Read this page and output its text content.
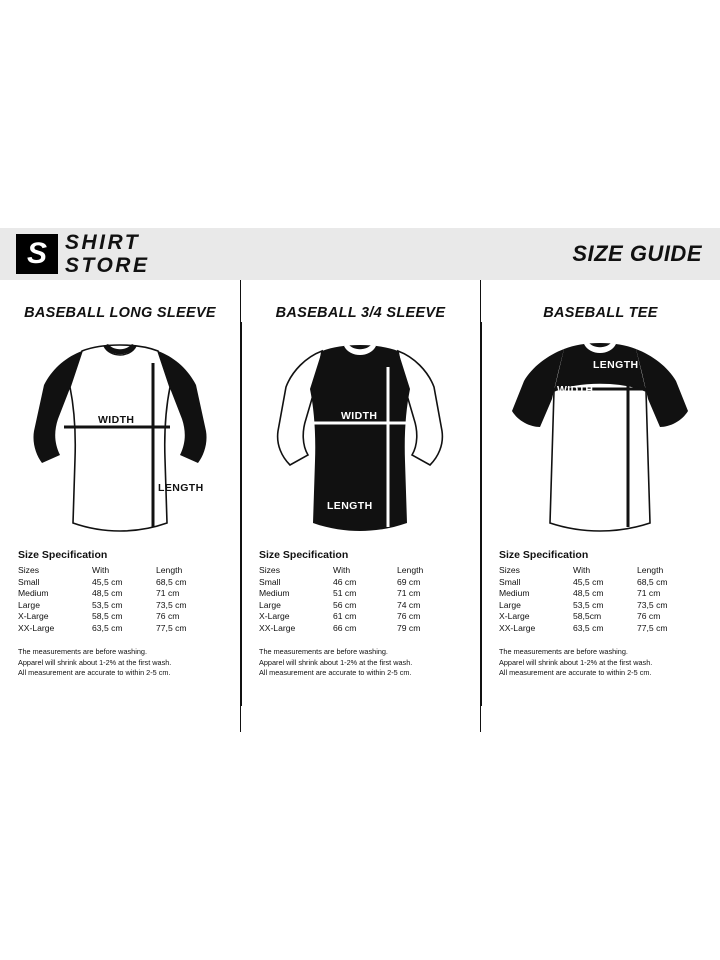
S SHIRT
STORE	SIZE GUIDE
BASEBALL LONG SLEEVE
WIDTH
LENGTH
Size Specification
Sizes	With	Length
Small	45,5 cm	68,5 cm
Medium	48,5 cm	71 cm
Large	53,5 cm	73,5 cm
X-Large	58,5 cm	76 cm
XX-Large	63,5 cm	77,5 cm
The measurements are before washing.
Apparel will shrink about 1-2% at the first wash.
All measurement are accurate to within 2-5 cm.
BASEBALL 3/4 SLEEVE
WIDTH
LENGTH
Size Specification
Sizes	With	Length
Small	46 cm	69 cm
Medium	51 cm	71 cm
Large	56 cm	74 cm
X-Large	61 cm	76 cm
XX-Large	66 cm	79 cm
The measurements are before washing.
Apparel will shrink about 1-2% at the first wash.
All measurement are accurate to within 2-5 cm.
BASEBALL TEE
LENGTH
WIDTH
Size Specification
Sizes	With	Length
Small	45,5 cm	68,5 cm
Medium	48,5 cm	71 cm
Large	53,5 cm	73,5 cm
X-Large	58,5cm	76 cm
XX-Large	63,5 cm	77,5 cm
The measurements are before washing.
Apparel will shrink about 1-2% at the first wash.
All measurement are accurate to within 2-5 cm.
